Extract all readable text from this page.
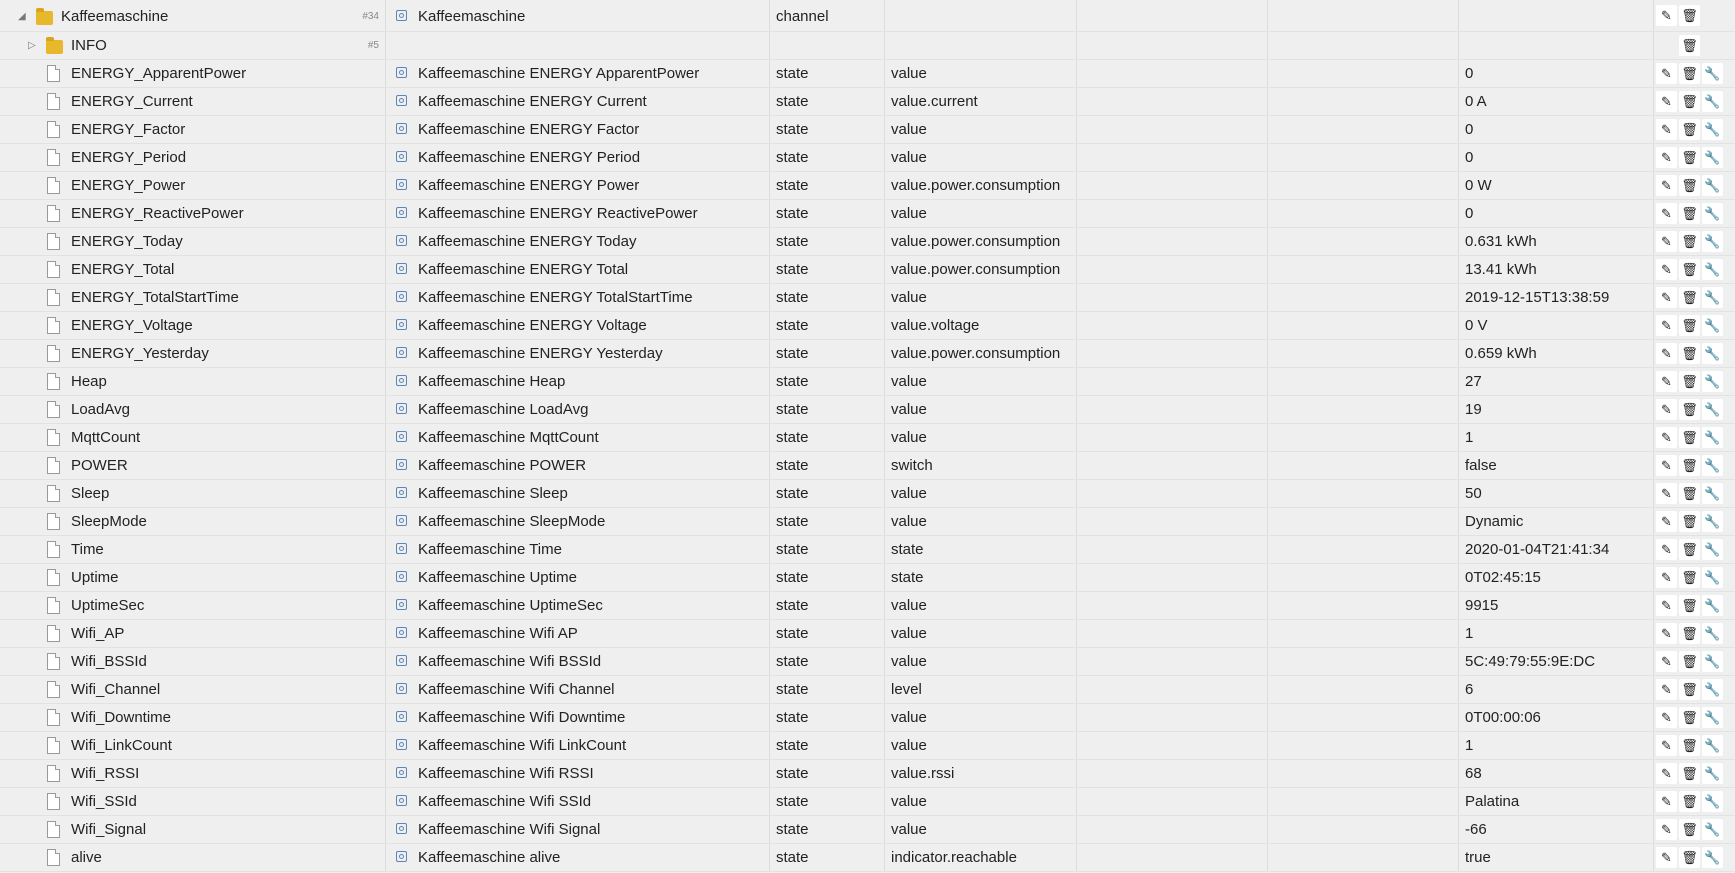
◢ Kaffeemaschine	#34	Kaffeemaschine	channel	✎ 🗑
▷ INFO	#5	🗑
ENERGY_ApparentPower	Kaffeemaschine ENERGY ApparentPower	state	value	0	✎ 🗑 🔧
ENERGY_Current	Kaffeemaschine ENERGY Current	state	value.current	0 A	✎ 🗑 🔧
ENERGY_Factor	Kaffeemaschine ENERGY Factor	state	value	0	✎ 🗑 🔧
ENERGY_Period	Kaffeemaschine ENERGY Period	state	value	0	✎ 🗑 🔧
ENERGY_Power	Kaffeemaschine ENERGY Power	state	value.power.consumption	0 W	✎ 🗑 🔧
ENERGY_ReactivePower	Kaffeemaschine ENERGY ReactivePower	state	value	0	✎ 🗑 🔧
ENERGY_Today	Kaffeemaschine ENERGY Today	state	value.power.consumption	0.631 kWh	✎ 🗑 🔧
ENERGY_Total	Kaffeemaschine ENERGY Total	state	value.power.consumption	13.41 kWh	✎ 🗑 🔧
ENERGY_TotalStartTime	Kaffeemaschine ENERGY TotalStartTime	state	value	2019-12-15T13:38:59	✎ 🗑 🔧
ENERGY_Voltage	Kaffeemaschine ENERGY Voltage	state	value.voltage	0 V	✎ 🗑 🔧
ENERGY_Yesterday	Kaffeemaschine ENERGY Yesterday	state	value.power.consumption	0.659 kWh	✎ 🗑 🔧
Heap	Kaffeemaschine Heap	state	value	27	✎ 🗑 🔧
LoadAvg	Kaffeemaschine LoadAvg	state	value	19	✎ 🗑 🔧
MqttCount	Kaffeemaschine MqttCount	state	value	1	✎ 🗑 🔧
POWER	Kaffeemaschine POWER	state	switch	false	✎ 🗑 🔧
Sleep	Kaffeemaschine Sleep	state	value	50	✎ 🗑 🔧
SleepMode	Kaffeemaschine SleepMode	state	value	Dynamic	✎ 🗑 🔧
Time	Kaffeemaschine Time	state	state	2020-01-04T21:41:34	✎ 🗑 🔧
Uptime	Kaffeemaschine Uptime	state	state	0T02:45:15	✎ 🗑 🔧
UptimeSec	Kaffeemaschine UptimeSec	state	value	9915	✎ 🗑 🔧
Wifi_AP	Kaffeemaschine Wifi AP	state	value	1	✎ 🗑 🔧
Wifi_BSSId	Kaffeemaschine Wifi BSSId	state	value	5C:49:79:55:9E:DC	✎ 🗑 🔧
Wifi_Channel	Kaffeemaschine Wifi Channel	state	level	6	✎ 🗑 🔧
Wifi_Downtime	Kaffeemaschine Wifi Downtime	state	value	0T00:00:06	✎ 🗑 🔧
Wifi_LinkCount	Kaffeemaschine Wifi LinkCount	state	value	1	✎ 🗑 🔧
Wifi_RSSI	Kaffeemaschine Wifi RSSI	state	value.rssi	68	✎ 🗑 🔧
Wifi_SSId	Kaffeemaschine Wifi SSId	state	value	Palatina	✎ 🗑 🔧
Wifi_Signal	Kaffeemaschine Wifi Signal	state	value	-66	✎ 🗑 🔧
alive	Kaffeemaschine alive	state	indicator.reachable	true	✎ 🗑 🔧
